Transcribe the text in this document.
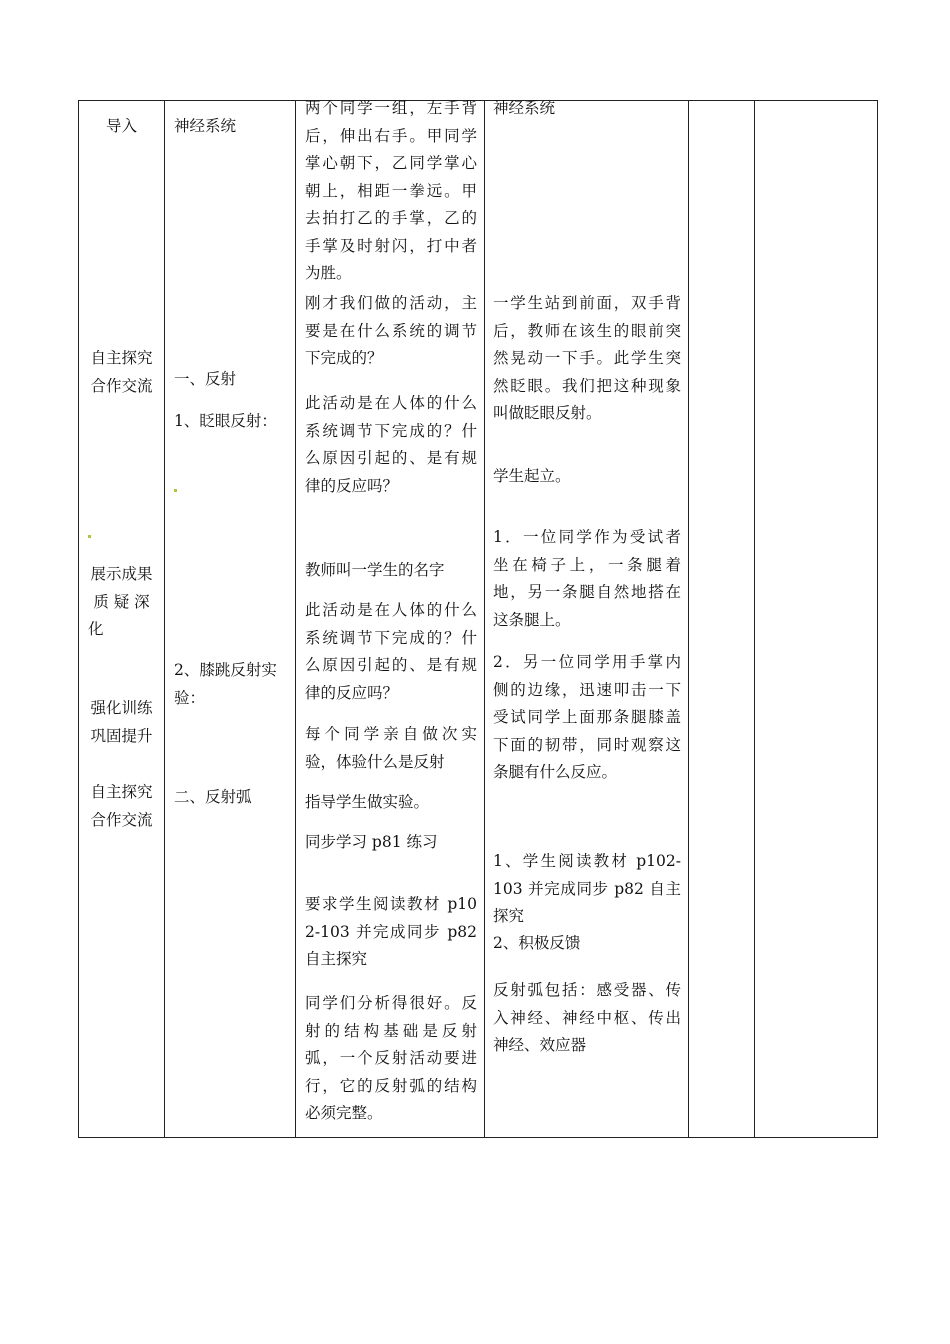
导入
自主探究
合作交流
展示成果
质 疑 深
化
强化训练
巩固提升
自主探究
合作交流
神经系统
一、反射
1、眨眼反射：
2、膝跳反射实
验：
二、反射弧
两个同学一组，左手背
后，伸出右手。甲同学
掌心朝下，乙同学掌心
朝上，相距一拳远。甲
去拍打乙的手掌，乙的
手掌及时射闪，打中者
为胜。
刚才我们做的活动，主
要是在什么系统的调节
下完成的？
此活动是在人体的什么
系统调节下完成的？什
么原因引起的、是有规
律的反应吗？
教师叫一学生的名字
此活动是在人体的什么
系统调节下完成的？什
么原因引起的、是有规
律的反应吗？
每个同学亲自做次实
验，体验什么是反射
指导学生做实验。
同步学习 p81 练习
要求学生阅读教材 p10
2-103 并完成同步 p82
自主探究
同学们分析得很好。反
射的结构基础是反射
弧，一个反射活动要进
行，它的反射弧的结构
必须完整。
神经系统
一学生站到前面，双手背
后，教师在该生的眼前突
然晃动一下手。此学生突
然眨眼。我们把这种现象
叫做眨眼反射。
学生起立。
1．一位同学作为受试者
坐在椅子上，一条腿着
地，另一条腿自然地搭在
这条腿上。
2．另一位同学用手掌内
侧的边缘，迅速叩击一下
受试同学上面那条腿膝盖
下面的韧带，同时观察这
条腿有什么反应。
1、学生阅读教材 p102-
103 并完成同步 p82 自主
探究
2、积极反馈
反射弧包括：感受器、传
入神经、神经中枢、传出
神经、效应器
